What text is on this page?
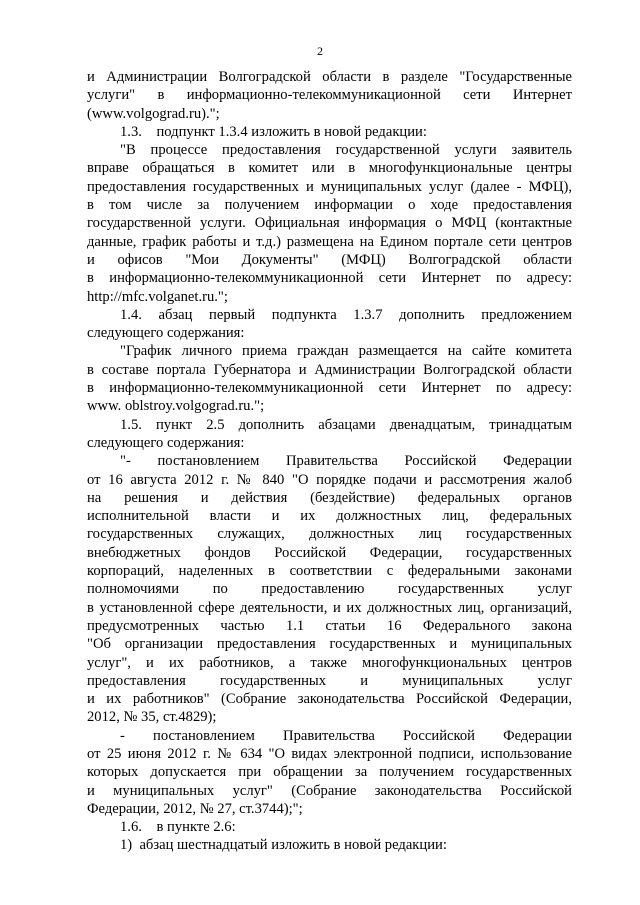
2
и Администрации Волгоградской области в разделе "Государственные
услуги" в информационно-телекоммуникационной сети Интернет
(www.volgograd.ru).";
1.3.    подпункт 1.3.4 изложить в новой редакции:
"В процессе предоставления государственной услуги заявитель
вправе обращаться в комитет или в многофункциональные центры
предоставления государственных и муниципальных услуг (далее - МФЦ),
в том числе за получением информации о ходе предоставления
государственной услуги. Официальная информация о МФЦ (контактные
данные, график работы и т.д.) размещена на Едином портале сети центров
и офисов "Мои Документы" (МФЦ) Волгоградской области
в информационно-телекоммуникационной сети Интернет по адресу:
http://mfc.volganet.ru.";
1.4. абзац первый подпункта 1.3.7 дополнить предложением
следующего содержания:
"График личного приема граждан размещается на сайте комитета
в составе портала Губернатора и Администрации Волгоградской области
в информационно-телекоммуникационной сети Интернет по адресу:
www. oblstroy.volgograd.ru.";
1.5. пункт 2.5 дополнить абзацами двенадцатым, тринадцатым
следующего содержания:
"- постановлением Правительства Российской Федерации
от 16 августа 2012 г. № 840 "О порядке подачи и рассмотрения жалоб
на решения и действия (бездействие) федеральных органов
исполнительной власти и их должностных лиц, федеральных
государственных служащих, должностных лиц государственных
внебюджетных фондов Российской Федерации, государственных
корпораций, наделенных в соответствии с федеральными законами
полномочиями по предоставлению государственных услуг
в установленной сфере деятельности, и их должностных лиц, организаций,
предусмотренных частью 1.1 статьи 16 Федерального закона
"Об организации предоставления государственных и муниципальных
услуг", и их работников, а также многофункциональных центров
предоставления государственных и муниципальных услуг
и их работников" (Собрание законодательства Российской Федерации,
2012, № 35, ст.4829);
- постановлением Правительства Российской Федерации
от 25 июня 2012 г. № 634 "О видах электронной подписи, использование
которых допускается при обращении за получением государственных
и муниципальных услуг" (Собрание законодательства Российской
Федерации, 2012, № 27, ст.3744);";
1.6.    в пункте 2.6:
1)  абзац шестнадцатый изложить в новой редакции:
